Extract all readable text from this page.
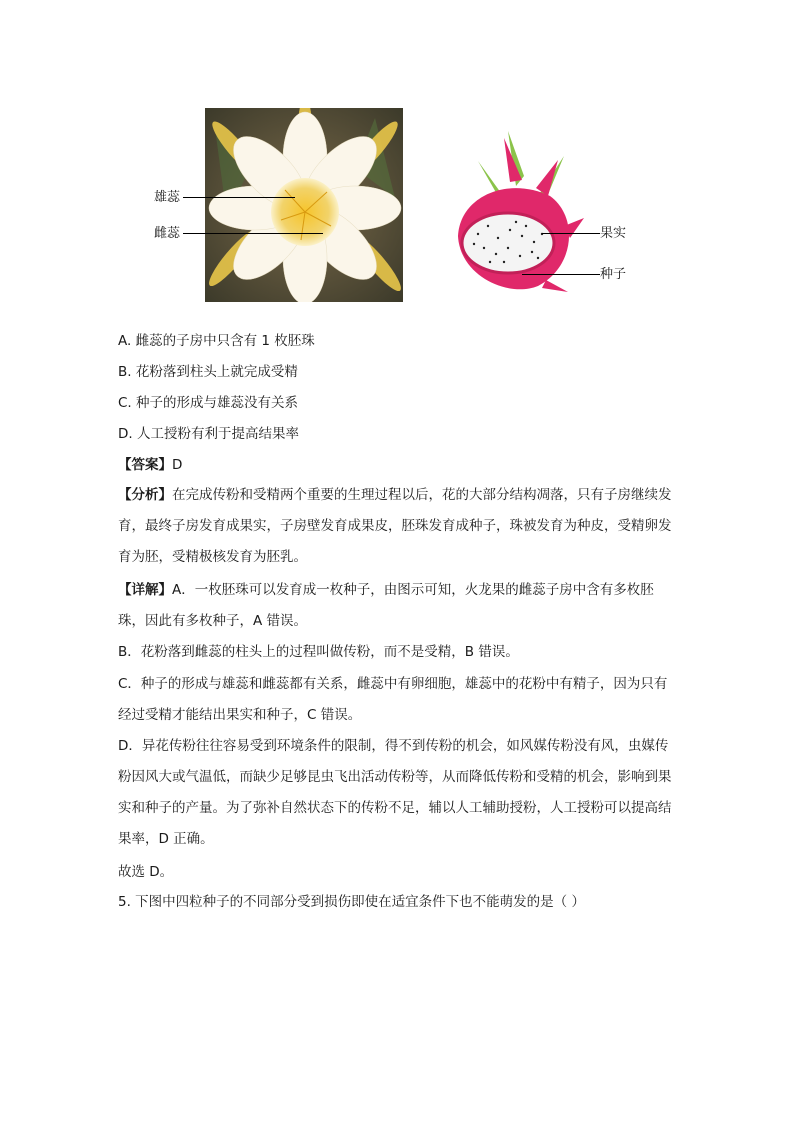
雄蕊
雌蕊	果实
种子
A. 雌蕊的子房中只含有 1 枚胚珠
B. 花粉落到柱头上就完成受精
C. 种子的形成与雄蕊没有关系
D. 人工授粉有利于提高结果率
【答案】D
【分析】在完成传粉和受精两个重要的生理过程以后，花的大部分结构凋落，只有子房继续发育，最终子房发育成果实，子房壁发育成果皮，胚珠发育成种子，珠被发育为种皮，受精卵发育为胚，受精极核发育为胚乳。
【详解】A．一枚胚珠可以发育成一枚种子，由图示可知，火龙果的雌蕊子房中含有多枚胚珠，因此有多枚种子，A 错误。
B．花粉落到雌蕊的柱头上的过程叫做传粉，而不是受精，B 错误。
C．种子的形成与雄蕊和雌蕊都有关系，雌蕊中有卵细胞，雄蕊中的花粉中有精子，因为只有经过受精才能结出果实和种子，C 错误。
D．异花传粉往往容易受到环境条件的限制，得不到传粉的机会，如风媒传粉没有风，虫媒传粉因风大或气温低，而缺少足够昆虫飞出活动传粉等，从而降低传粉和受精的机会，影响到果实和种子的产量。为了弥补自然状态下的传粉不足，辅以人工辅助授粉，人工授粉可以提高结果率，D 正确。
故选 D。
5. 下图中四粒种子的不同部分受到损伤即使在适宜条件下也不能萌发的是（ ）
